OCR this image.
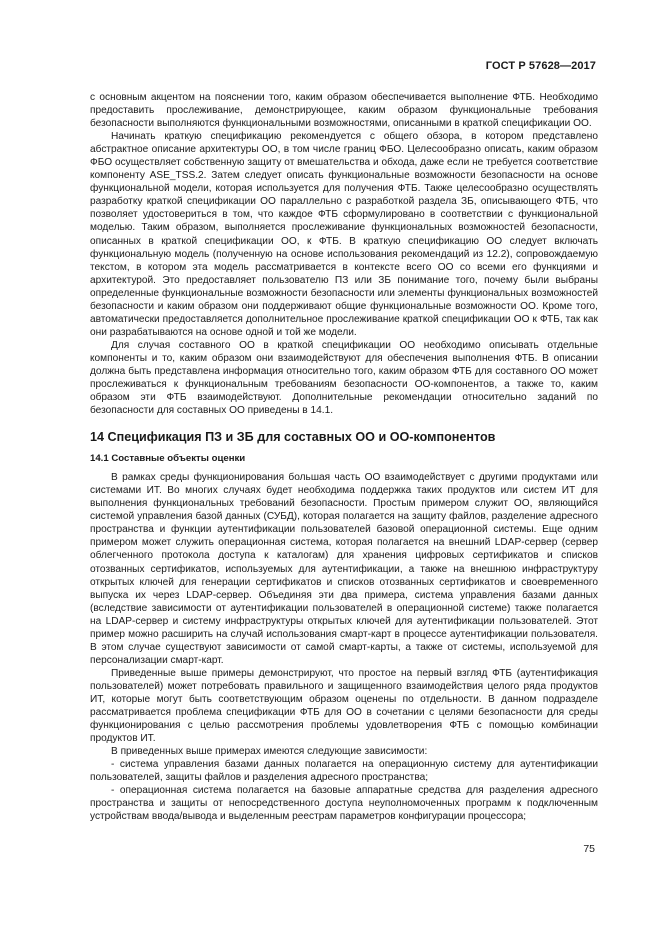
ГОСТ Р 57628—2017

с основным акцентом на пояснении того, каким образом обеспечивается выполнение ФТБ. Необходимо предоставить прослеживание, демонстрирующее, каким образом функциональные требования безопасности выполняются функциональными возможностями, описанными в краткой спецификации ОО.

Начинать краткую спецификацию рекомендуется с общего обзора, в котором представлено абстрактное описание архитектуры ОО, в том числе границ ФБО. Целесообразно описать, каким образом ФБО осуществляет собственную защиту от вмешательства и обхода, даже если не требуется соответствие компоненту ASE_TSS.2. Затем следует описать функциональные возможности безопасности на основе функциональной модели, которая используется для получения ФТБ. Также целесообразно осуществлять разработку краткой спецификации ОО параллельно с разработкой раздела ЗБ, описывающего ФТБ, что позволяет удостовериться в том, что каждое ФТБ сформулировано в соответствии с функциональной моделью. Таким образом, выполняется прослеживание функциональных возможностей безопасности, описанных в краткой спецификации ОО, к ФТБ. В краткую спецификацию ОО следует включать функциональную модель (полученную на основе использования рекомендаций из 12.2), сопровождаемую текстом, в котором эта модель рассматривается в контексте всего ОО со всеми его функциями и архитектурой. Это предоставляет пользователю ПЗ или ЗБ понимание того, почему были выбраны определенные функциональные возможности безопасности или элементы функциональных возможностей безопасности и каким образом они поддерживают общие функциональные возможности ОО. Кроме того, автоматически предоставляется дополнительное прослеживание краткой спецификации ОО к ФТБ, так как они разрабатываются на основе одной и той же модели.

Для случая составного ОО в краткой спецификации ОО необходимо описывать отдельные компоненты и то, каким образом они взаимодействуют для обеспечения выполнения ФТБ. В описании должна быть представлена информация относительно того, каким образом ФТБ для составного ОО может прослеживаться к функциональным требованиям безопасности ОО-компонентов, а также то, каким образом эти ФТБ взаимодействуют. Дополнительные рекомендации относительно заданий по безопасности для составных ОО приведены в 14.1.

14 Спецификация ПЗ и ЗБ для составных ОО и ОО-компонентов
14.1 Составные объекты оценки

В рамках среды функционирования большая часть ОО взаимодействует с другими продуктами или системами ИТ. Во многих случаях будет необходима поддержка таких продуктов или систем ИТ для выполнения функциональных требований безопасности. Простым примером служит ОО, являющийся системой управления базой данных (СУБД), которая полагается на защиту файлов, разделение адресного пространства и функции аутентификации пользователей базовой операционной системы. Еще одним примером может служить операционная система, которая полагается на внешний LDAP-сервер (сервер облегченного протокола доступа к каталогам) для хранения цифровых сертификатов и списков отозванных сертификатов, используемых для аутентификации, а также на внешнюю инфраструктуру открытых ключей для генерации сертификатов и списков отозванных сертификатов и своевременного выпуска их через LDAP-сервер. Объединяя эти два примера, система управления базами данных (вследствие зависимости от аутентификации пользователей в операционной системе) также полагается на LDAP-сервер и систему инфраструктуры открытых ключей для аутентификации пользователей. Этот пример можно расширить на случай использования смарт-карт в процессе аутентификации пользователя. В этом случае существуют зависимости от самой смарт-карты, а также от системы, используемой для персонализации смарт-карт.

Приведенные выше примеры демонстрируют, что простое на первый взгляд ФТБ (аутентификация пользователей) может потребовать правильного и защищенного взаимодействия целого ряда продуктов ИТ, которые могут быть соответствующим образом оценены по отдельности. В данном подразделе рассматривается проблема спецификации ФТБ для ОО в сочетании с целями безопасности для среды функционирования с целью рассмотрения проблемы удовлетворения ФТБ с помощью комбинации продуктов ИТ.

В приведенных выше примерах имеются следующие зависимости:

- система управления базами данных полагается на операционную систему для аутентификации пользователей, защиты файлов и разделения адресного пространства;

- операционная система полагается на базовые аппаратные средства для разделения адресного пространства и защиты от непосредственного доступа неуполномоченных программ к подключенным устройствам ввода/вывода и выделенным реестрам параметров конфигурации процессора;

75
